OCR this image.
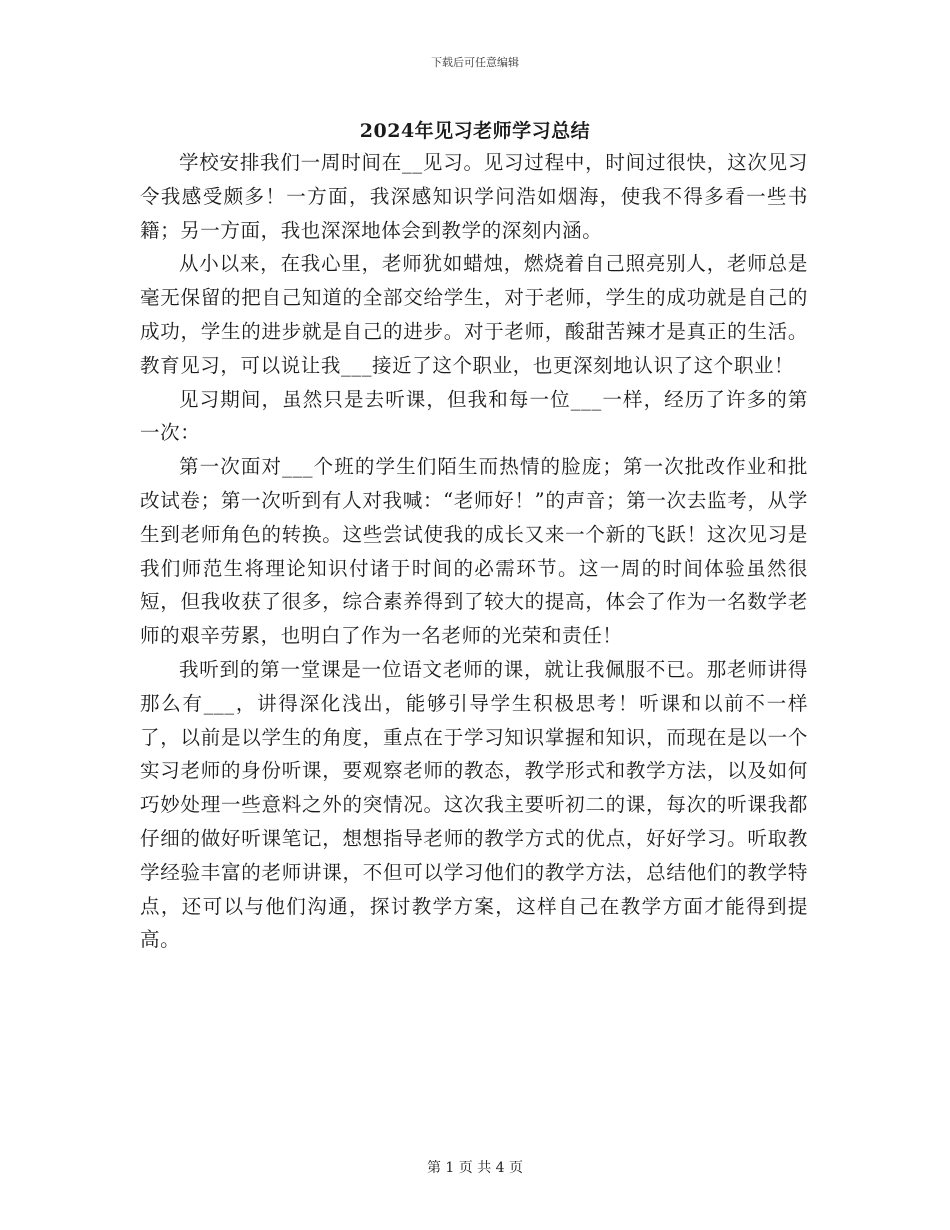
下载后可任意编辑
2024年见习老师学习总结

学校安排我们一周时间在__见习。见习过程中，时间过很快，这次见习令我感受颇多！一方面，我深感知识学问浩如烟海，使我不得多看一些书籍；另一方面，我也深深地体会到教学的深刻内涵。

从小以来，在我心里，老师犹如蜡烛，燃烧着自己照亮别人，老师总是毫无保留的把自己知道的全部交给学生，对于老师，学生的成功就是自己的成功，学生的进步就是自己的进步。对于老师，酸甜苦辣才是真正的生活。教育见习，可以说让我___接近了这个职业，也更深刻地认识了这个职业！

见习期间，虽然只是去听课，但我和每一位___一样，经历了许多的第一次：

第一次面对___个班的学生们陌生而热情的脸庞；第一次批改作业和批改试卷；第一次听到有人对我喊：“老师好！”的声音；第一次去监考，从学生到老师角色的转换。这些尝试使我的成长又来一个新的飞跃！这次见习是我们师范生将理论知识付诸于时间的必需环节。这一周的时间体验虽然很短，但我收获了很多，综合素养得到了较大的提高，体会了作为一名数学老师的艰辛劳累，也明白了作为一名老师的光荣和责任！

我听到的第一堂课是一位语文老师的课，就让我佩服不已。那老师讲得那么有___，讲得深化浅出，能够引导学生积极思考！听课和以前不一样了，以前是以学生的角度，重点在于学习知识掌握和知识，而现在是以一个实习老师的身份听课，要观察老师的教态，教学形式和教学方法，以及如何巧妙处理一些意料之外的突情况。这次我主要听初二的课，每次的听课我都仔细的做好听课笔记，想想指导老师的教学方式的优点，好好学习。听取教学经验丰富的老师讲课，不但可以学习他们的教学方法，总结他们的教学特点，还可以与他们沟通，探讨教学方案，这样自己在教学方面才能得到提高。

第 1 页 共 4 页
